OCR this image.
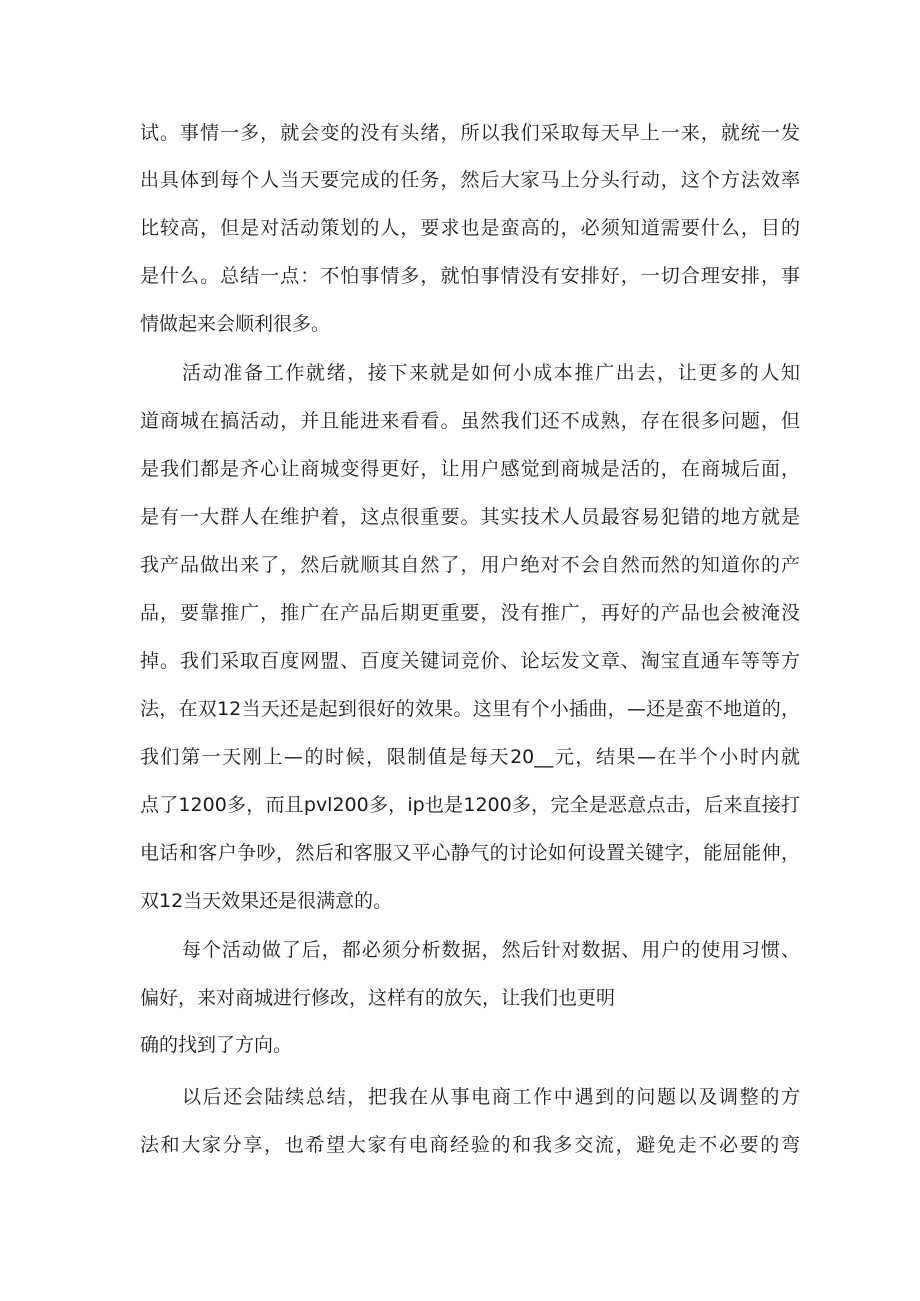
试。事情一多，就会变的没有头绪，所以我们采取每天早上一来，就统一发
出具体到每个人当天要完成的任务，然后大家马上分头行动，这个方法效率
比较高，但是对活动策划的人，要求也是蛮高的，必须知道需要什么，目的
是什么。总结一点：不怕事情多，就怕事情没有安排好，一切合理安排，事
情做起来会顺利很多。
活动准备工作就绪，接下来就是如何小成本推广出去，让更多的人知
道商城在搞活动，并且能进来看看。虽然我们还不成熟，存在很多问题，但
是我们都是齐心让商城变得更好，让用户感觉到商城是活的，在商城后面，
是有一大群人在维护着，这点很重要。其实技术人员最容易犯错的地方就是
我产品做出来了，然后就顺其自然了，用户绝对不会自然而然的知道你的产
品，要靠推广，推广在产品后期更重要，没有推广，再好的产品也会被淹没
掉。我们采取百度网盟、百度关键词竞价、论坛发文章、淘宝直通车等等方
法，在双12当天还是起到很好的效果。这里有个小插曲，—还是蛮不地道的，
我们第一天刚上—的时候，限制值是每天20__元，结果—在半个小时内就
点了1200多，而且pvl200多，ip也是1200多，完全是恶意点击，后来直接打
电话和客户争吵，然后和客服又平心静气的讨论如何设置关键字，能屈能伸，
双12当天效果还是很满意的。
每个活动做了后，都必须分析数据，然后针对数据、用户的使用习惯、
偏好，来对商城进行修改，这样有的放矢，让我们也更明
确的找到了方向。
以后还会陆续总结，把我在从事电商工作中遇到的问题以及调整的方
法和大家分享，也希望大家有电商经验的和我多交流，避免走不必要的弯
